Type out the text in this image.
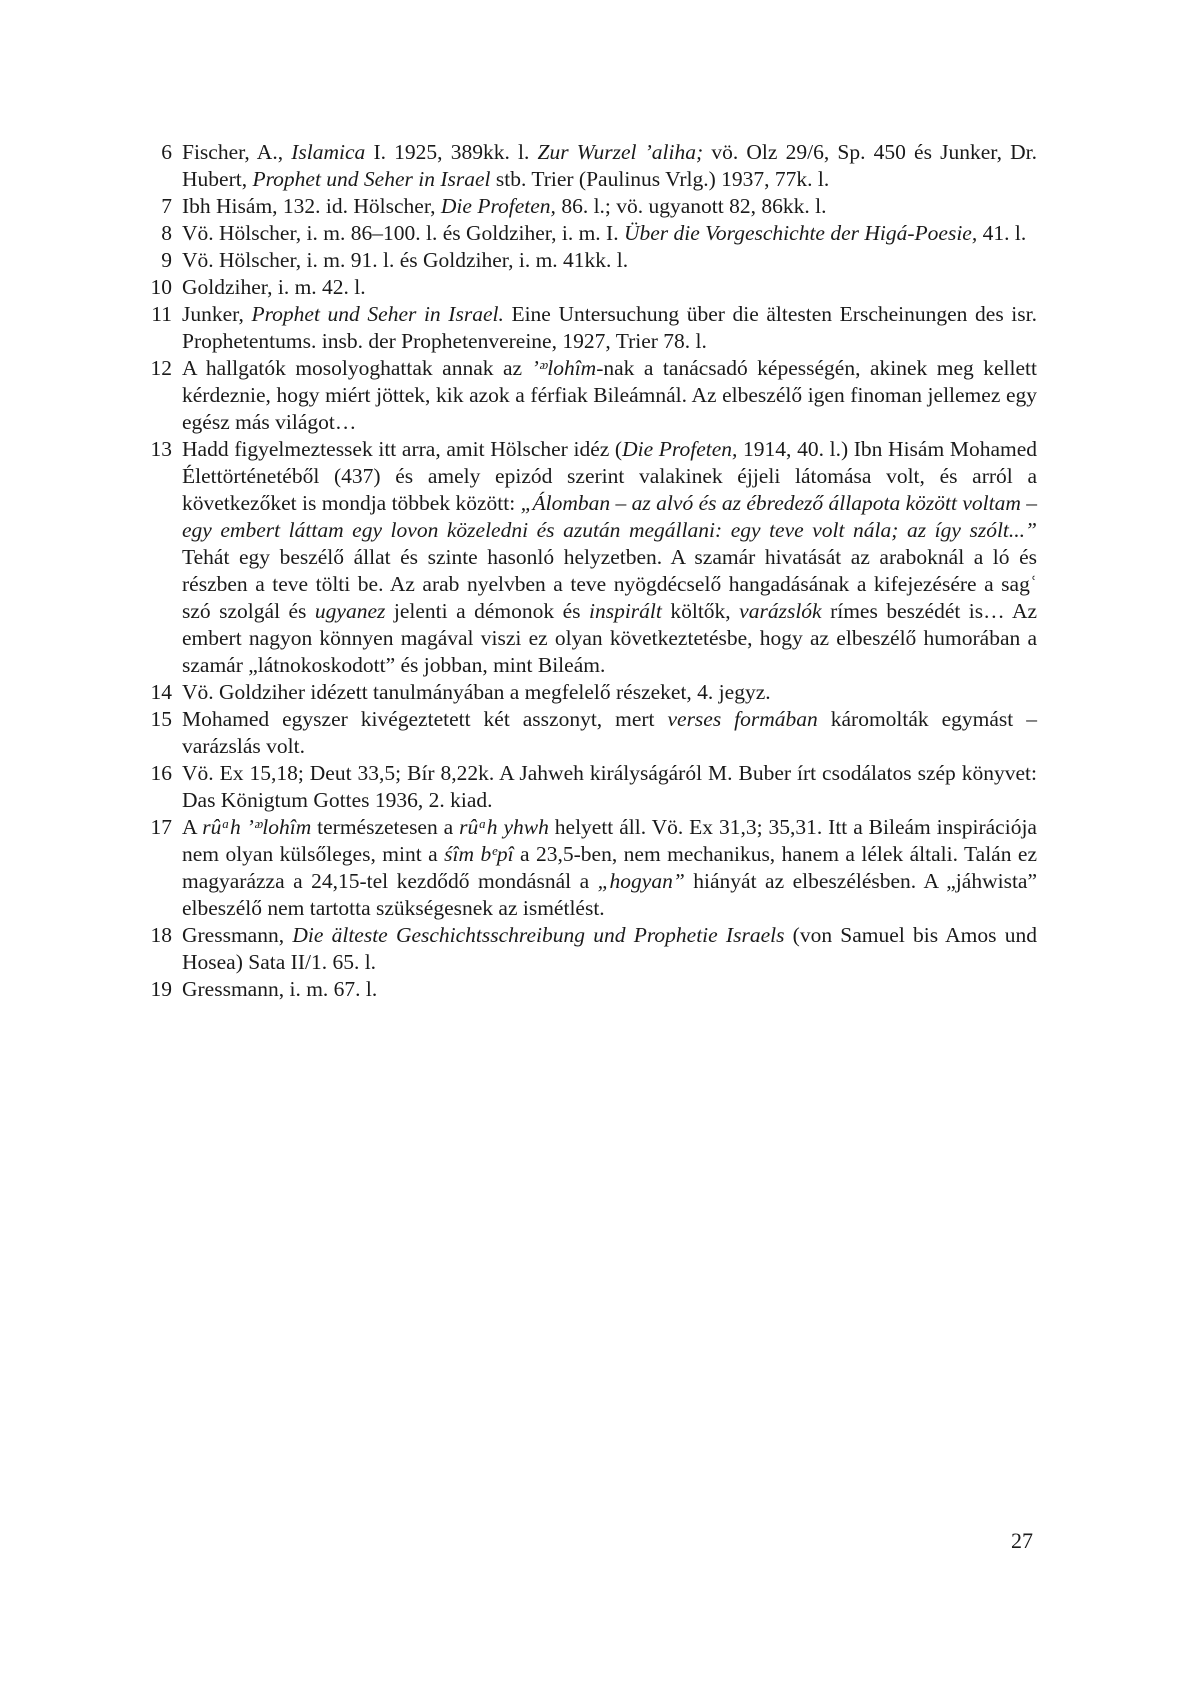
6 Fischer, A., Islamica I. 1925, 389kk. l. Zur Wurzel ’aliha; vö. Olz 29/6, Sp. 450 és Junker, Dr. Hubert, Prophet und Seher in Israel stb. Trier (Paulinus Vrlg.) 1937, 77k. l.
7 Ibh Hisám, 132. id. Hölscher, Die Profeten, 86. l.; vö. ugyanott 82, 86kk. l.
8 Vö. Hölscher, i. m. 86–100. l. és Goldziher, i. m. I. Über die Vorgeschichte der Higá-Poesie, 41. l.
9 Vö. Hölscher, i. m. 91. l. és Goldziher, i. m. 41kk. l.
10 Goldziher, i. m. 42. l.
11 Junker, Prophet und Seher in Israel. Eine Untersuchung über die ältesten Erscheinungen des isr. Prophetentums. insb. der Prophetenvereine, 1927, Trier 78. l.
12 A hallgatók mosolyoghattak annak az ’ᵆlohîm-nak a tanácsadó képességén, akinek meg kellett kérdeznie, hogy miért jöttek, kik azok a férfiak Bileámnál. Az elbeszélő igen finoman jellemez egy egész más világot…
13 Hadd figyelmeztessek itt arra, amit Hölscher idéz (Die Profeten, 1914, 40. l.) Ibn Hisám Mohamed Élettörténetéből (437) és amely epizód szerint valakinek éjjeli látomása volt, és arról a következőket is mondja többek között: „Álomban – az alvó és az ébredező állapota között voltam – egy embert láttam egy lovon közeledni és azután megállani: egy teve volt nála; az így szólt...” Tehát egy beszélő állat és szinte hasonló helyzetben. A szamár hivatását az araboknál a ló és részben a teve tölti be. Az arab nyelvben a teve nyögdécselő hangadásának a kifejezésére a sagʿ szó szolgál és ugyanez jelenti a démonok és inspirált költők, varázslók rímes beszédét is… Az embert nagyon könnyen magával viszi ez olyan következtetésbe, hogy az elbeszélő humorában a szamár „látnokoskodott” és jobban, mint Bileám.
14 Vö. Goldziher idézett tanulmányában a megfelelő részeket, 4. jegyz.
15 Mohamed egyszer kivégeztetett két asszonyt, mert verses formában káromolták egymást – varázslás volt.
16 Vö. Ex 15,18; Deut 33,5; Bír 8,22k. A Jahweh királyságáról M. Buber írt csodálatos szép könyvet: Das Königtum Gottes 1936, 2. kiad.
17 A rûᵃh ’ᵆlohîm természetesen a rûᵃh yhwh helyett áll. Vö. Ex 31,3; 35,31. Itt a Bileám inspirációja nem olyan külsőleges, mint a śîm bᵉpî a 23,5-ben, nem mechanikus, hanem a lélek általi. Talán ez magyarázza a 24,15-tel kezdődő mondásnál a „hogyan” hiányát az elbeszélésben. A „jáhwista” elbeszélő nem tartotta szükségesnek az ismétlést.
18 Gressmann, Die älteste Geschichtsschreibung und Prophetie Israels (von Samuel bis Amos und Hosea) Sata II/1. 65. l.
19 Gressmann, i. m. 67. l.
27
